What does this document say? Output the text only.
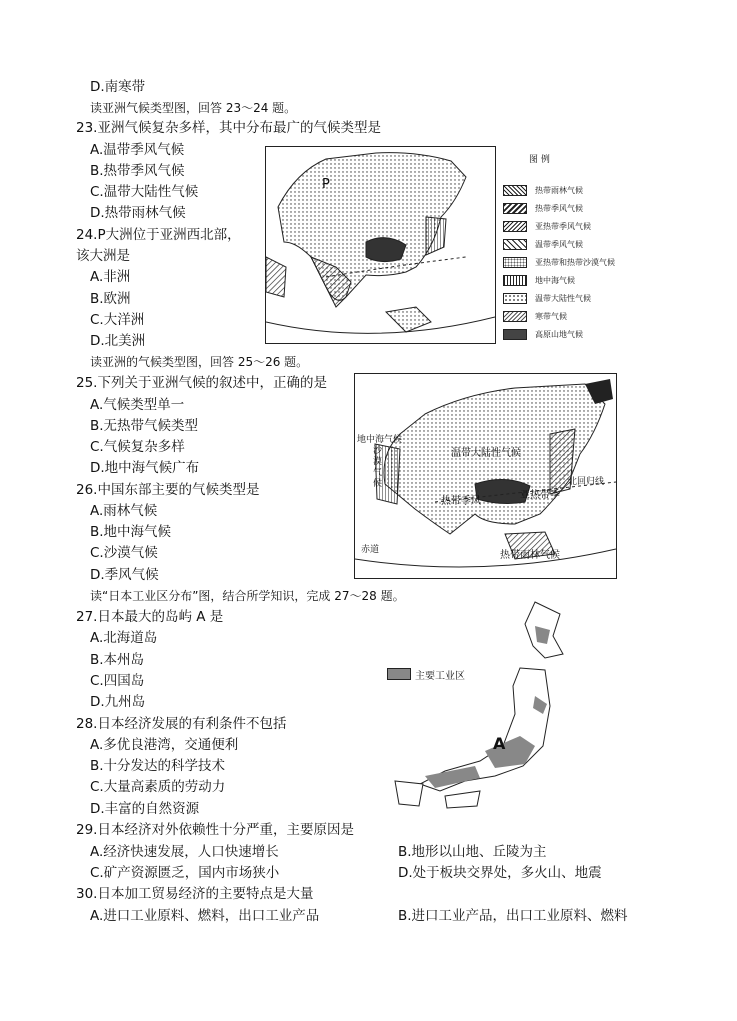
D.南寒带
读亚洲气候类型图，回答 23～24 题。
23.亚洲气候复杂多样，其中分布最广的气候类型是
A.温带季风气候
B.热带季风气候
C.温带大陆性气候
D.热带雨林气候
24.P大洲位于亚洲西北部，
该大洲是
A.非洲
B.欧洲
C.大洋洲
D.北美洲
读亚洲的气候类型图，回答 25～26 题。
25.下列关于亚洲气候的叙述中，正确的是
A.气候类型单一
B.无热带气候类型
C.气候复杂多样
D.地中海气候广布
26.中国东部主要的气候类型是
A.雨林气候
B.地中海气候
C.沙漠气候
D.季风气候
读“日本工业区分布”图，结合所学知识，完成 27～28 题。
27.日本最大的岛屿 A 是
A.北海道岛
B.本州岛
C.四国岛
D.九州岛
28.日本经济发展的有利条件不包括
A.多优良港湾，交通便利
B.十分发达的科学技术
C.大量高素质的劳动力
D.丰富的自然资源
29.日本经济对外依赖性十分严重，主要原因是
A.经济快速发展，人口快速增长	B.地形以山地、丘陵为主
C.矿产资源匮乏，国内市场狭小	D.处于板块交界处，多火山、地震
30.日本加工贸易经济的主要特点是大量
A.进口工业原料、燃料，出口工业产品	B.进口工业产品，出口工业原料、燃料
P
图 例
热带雨林气候
热带季风气候
亚热带季风气候
温带季风气候
亚热带和热带沙漠气候
地中海气候
温带大陆性气候
寒带气候
高原山地气候
地中海气候
沙漠气候
温带大陆性气候
亚热带季
热带季风
北回归线
热带雨林气候
赤道
主要工业区
A
